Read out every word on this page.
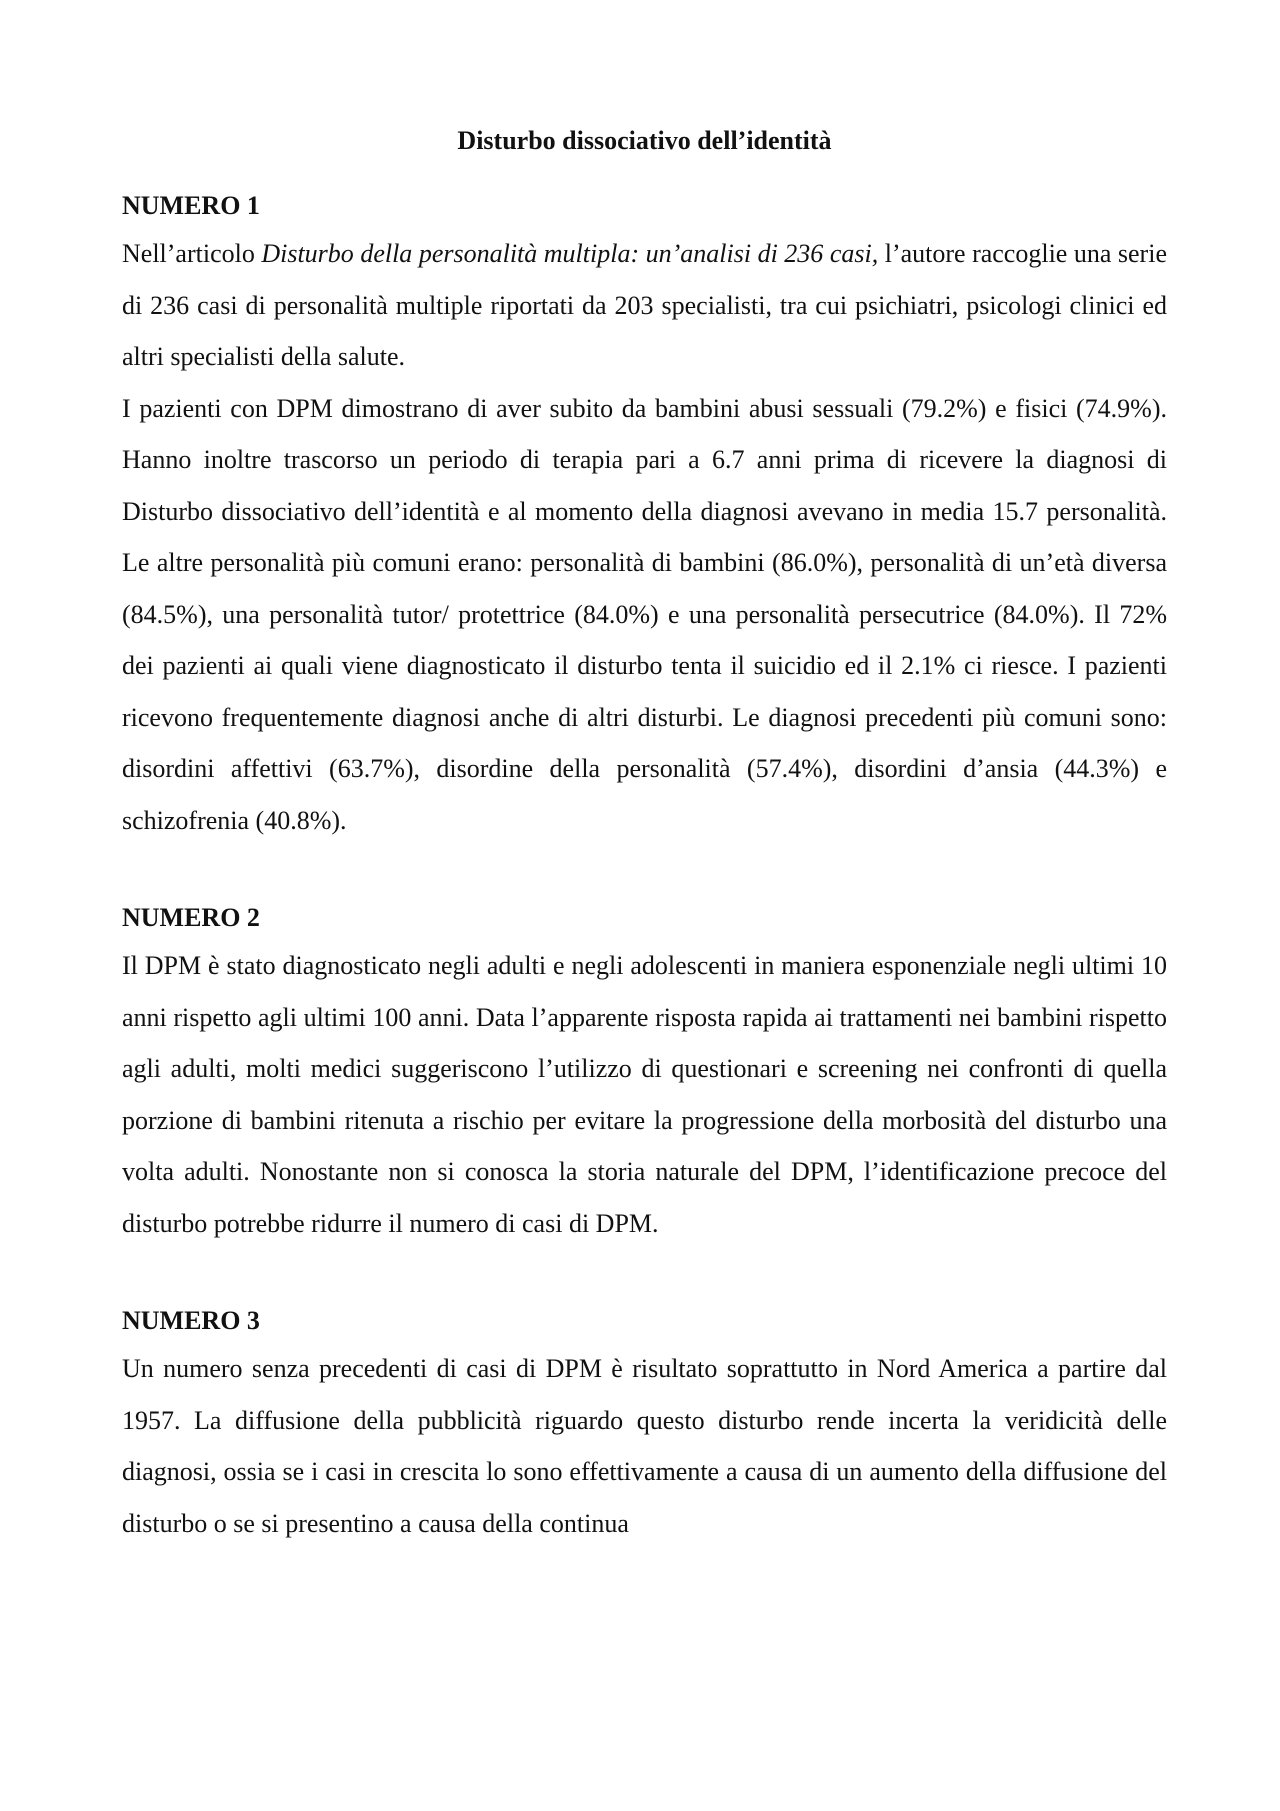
Disturbo dissociativo dell’identità
NUMERO 1

Nell’articolo Disturbo della personalità multipla: un’analisi di 236 casi, l’autore raccoglie una serie di 236 casi di personalità multiple riportati da 203 specialisti, tra cui psichiatri, psicologi clinici ed altri specialisti della salute.

I pazienti con DPM dimostrano di aver subito da bambini abusi sessuali (79.2%) e fisici (74.9%). Hanno inoltre trascorso un periodo di terapia pari a 6.7 anni prima di ricevere la diagnosi di Disturbo dissociativo dell’identità e al momento della diagnosi avevano in media 15.7 personalità. Le altre personalità più comuni erano: personalità di bambini (86.0%), personalità di un’età diversa (84.5%), una personalità tutor/ protettrice (84.0%) e una personalità persecutrice (84.0%). Il 72% dei pazienti ai quali viene diagnosticato il disturbo tenta il suicidio ed il 2.1% ci riesce. I pazienti ricevono frequentemente diagnosi anche di altri disturbi. Le diagnosi precedenti più comuni sono: disordini affettivi (63.7%), disordine della personalità (57.4%), disordini d’ansia (44.3%) e schizofrenia (40.8%).

NUMERO 2

Il DPM è stato diagnosticato negli adulti e negli adolescenti in maniera esponenziale negli ultimi 10 anni rispetto agli ultimi 100 anni. Data l’apparente risposta rapida ai trattamenti nei bambini rispetto agli adulti, molti medici suggeriscono l’utilizzo di questionari e screening nei confronti di quella porzione di bambini ritenuta a rischio per evitare la progressione della morbosità del disturbo una volta adulti. Nonostante non si conosca la storia naturale del DPM, l’identificazione precoce del disturbo potrebbe ridurre il numero di casi di DPM.

NUMERO 3

Un numero senza precedenti di casi di DPM è risultato soprattutto in Nord America a partire dal 1957. La diffusione della pubblicità riguardo questo disturbo rende incerta la veridicità delle diagnosi, ossia se i casi in crescita lo sono effettivamente a causa di un aumento della diffusione del disturbo o se si presentino a causa della continua
